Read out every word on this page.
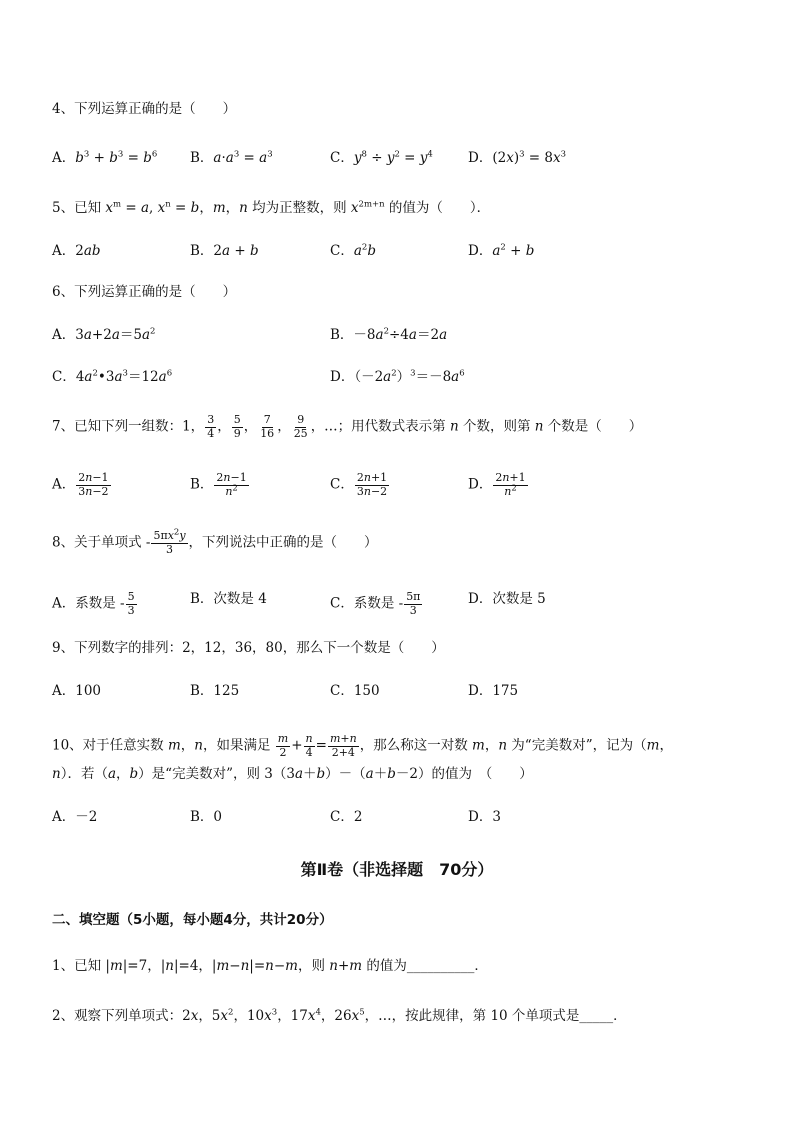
4、下列运算正确的是（　　）
A．$b^3 + b^3 = b^6$ B．$a\cdot a^3 = a^3$	C．$y^8 \div y^2 = y^4$	D．$(2x)^3 = 8x^3$
5、已知 $x^m = a$, $x^n = b$，m，n 均为正整数，则 $x^{2m+n}$ 的值为（　　）．
A．2ab	B．2a + b	C．$a^2b$	D．$a^2 + b$
6、下列运算正确的是（　　）
A．$3a+2a=5a^2$	B．$-8a^2\div 4a=2a$
C．$4a^2•3a^3=12a^6$	D．$(-2a^2)^3=-8a^6$
7、已知下列一组数：1， $\frac{3}{4}$ ， $\frac{5}{9}$ ， $\frac{7}{16}$ ， $\frac{9}{25}$ ，…；用代数式表示第 n 个数，则第 n 个数是（　　）
A． $\frac{2n-1}{3n-2}$	B． $\frac{2n-1}{n^2}$	C． $\frac{2n+1}{3n-2}$	D． $\frac{2n+1}{n^2}$
8、关于单项式 - $\frac{5\pi x^2y}{3}$ ，下列说法中正确的是（　　）
A．系数是 - $\frac{5}{3}$	B．次数是 4	C．系数是 - $\frac{5\pi}{3}$	D．次数是 5
9、下列数字的排列：2，12，36，80，那么下一个数是（　　）
A．100	B．125	C．150	D．175
10、对于任意实数 m，n，如果满足 $\frac{m}{2} + \frac{n}{4} = \frac{m+n}{2+4}$ ，那么称这一对数 m，n 为“完美数对”，记为（m，
n）．若（a，b）是“完美数对”，则 3（3a＋b）－（a＋b－2）的值为　（　　）
A．－2	B．0	C．2	D．3
第Ⅱ卷（非选择题　70分）
二、填空题（5小题，每小题4分，共计20分）
1、已知 |m|=7，|n|=4，|m−n|=n−m，则 n+m 的值为__________．
2、观察下列单项式：2x，$5x^2$，$10x^3$，$17x^4$，$26x^5$，…，按此规律，第 10 个单项式是_____．
